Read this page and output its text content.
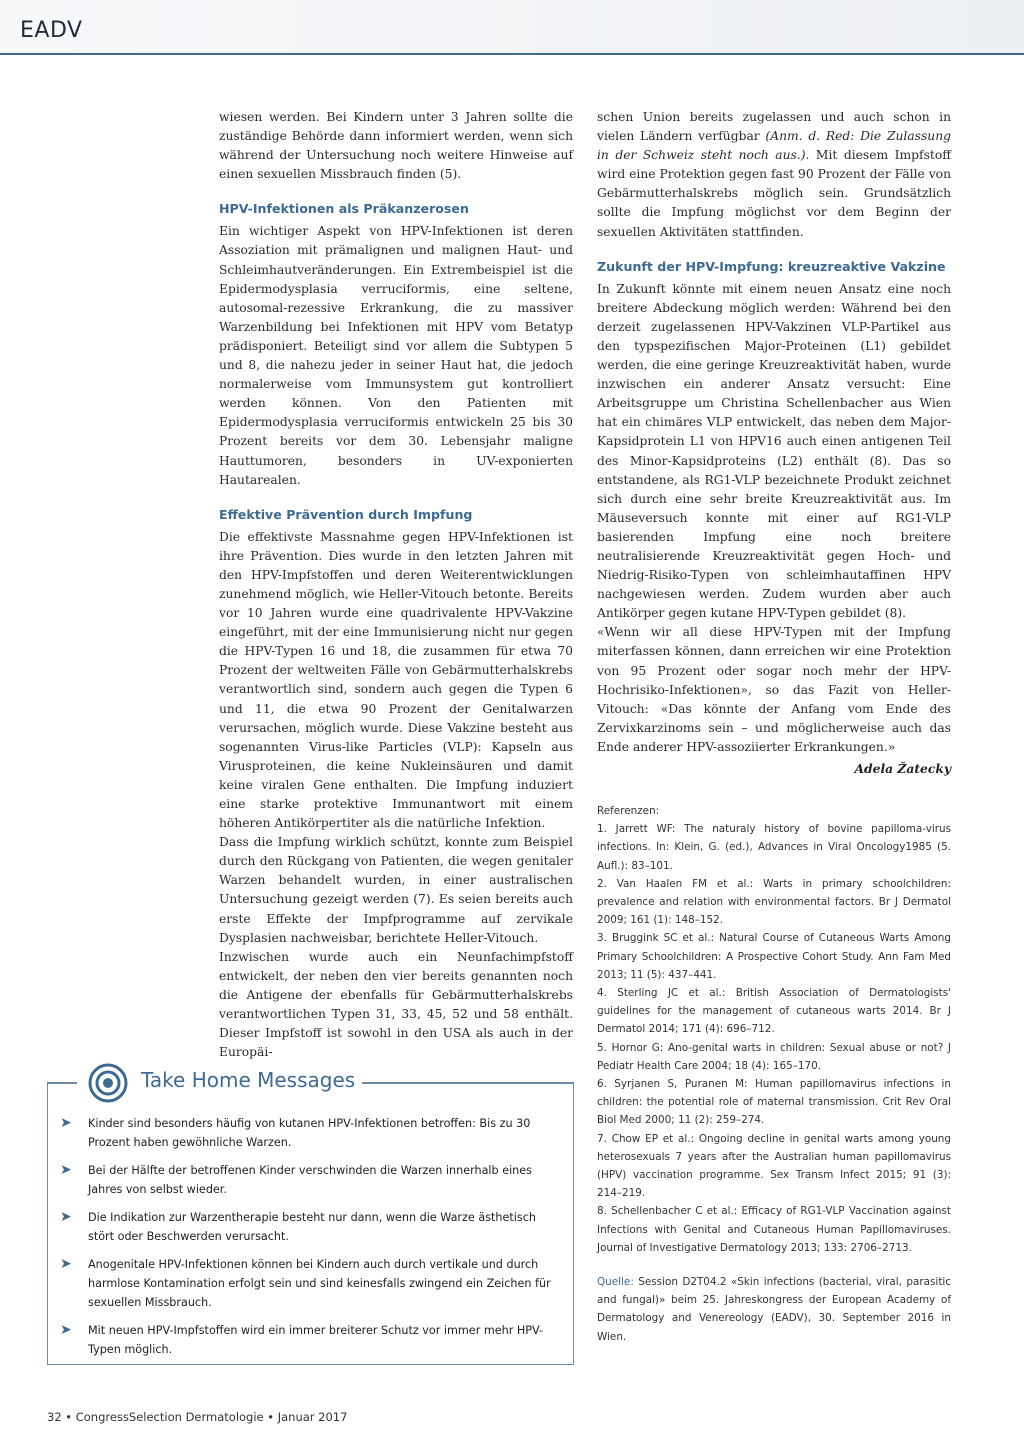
EADV

wiesen werden. Bei Kindern unter 3 Jahren sollte die zuständige Behörde dann informiert werden, wenn sich während der Untersuchung noch weitere Hinweise auf einen sexuellen Missbrauch finden (5).

HPV-Infektionen als Präkanzerosen

Ein wichtiger Aspekt von HPV-Infektionen ist deren Assoziation mit prämalignen und malignen Haut- und Schleimhautveränderungen. Ein Extrembeispiel ist die Epidermodysplasia verruciformis, eine seltene, autosomal-rezessive Erkrankung, die zu massiver Warzenbildung bei Infektionen mit HPV vom Betatyp prädisponiert. Beteiligt sind vor allem die Subtypen 5 und 8, die nahezu jeder in seiner Haut hat, die jedoch normalerweise vom Immunsystem gut kontrolliert werden können. Von den Patienten mit Epidermodysplasia verruciformis entwickeln 25 bis 30 Prozent bereits vor dem 30. Lebensjahr maligne Hauttumoren, besonders in UV-exponierten Hautarealen.

Effektive Prävention durch Impfung

Die effektivste Massnahme gegen HPV-Infektionen ist ihre Prävention. Dies wurde in den letzten Jahren mit den HPV-Impfstoffen und deren Weiterentwicklungen zunehmend möglich, wie Heller-Vitouch betonte. Bereits vor 10 Jahren wurde eine quadrivalente HPV-Vakzine eingeführt, mit der eine Immunisierung nicht nur gegen die HPV-Typen 16 und 18, die zusammen für etwa 70 Prozent der weltweiten Fälle von Gebärmutterhalskrebs verantwortlich sind, sondern auch gegen die Typen 6 und 11, die etwa 90 Prozent der Genitalwarzen verursachen, möglich wurde. Diese Vakzine besteht aus sogenannten Virus-like Particles (VLP): Kapseln aus Virusproteinen, die keine Nukleinsäuren und damit keine viralen Gene enthalten. Die Impfung induziert eine starke protektive Immunantwort mit einem höheren Antikörpertiter als die natürliche Infektion.

Dass die Impfung wirklich schützt, konnte zum Beispiel durch den Rückgang von Patienten, die wegen genitaler Warzen behandelt wurden, in einer australischen Untersuchung gezeigt werden (7). Es seien bereits auch erste Effekte der Impfprogramme auf zervikale Dysplasien nachweisbar, berichtete Heller-Vitouch.

Inzwischen wurde auch ein Neunfachimpfstoff entwickelt, der neben den vier bereits genannten noch die Antigene der ebenfalls für Gebärmutterhalskrebs verantwortlichen Typen 31, 33, 45, 52 und 58 enthält. Dieser Impfstoff ist sowohl in den USA als auch in der Europäi-

schen Union bereits zugelassen und auch schon in vielen Ländern verfügbar (Anm. d. Red: Die Zulassung in der Schweiz steht noch aus.). Mit diesem Impfstoff wird eine Protektion gegen fast 90 Prozent der Fälle von Gebärmutterhalskrebs möglich sein. Grundsätzlich sollte die Impfung möglichst vor dem Beginn der sexuellen Aktivitäten stattfinden.

Zukunft der HPV-Impfung: kreuzreaktive Vakzine

In Zukunft könnte mit einem neuen Ansatz eine noch breitere Abdeckung möglich werden: Während bei den derzeit zugelassenen HPV-Vakzinen VLP-Partikel aus den typspezifischen Major-Proteinen (L1) gebildet werden, die eine geringe Kreuzreaktivität haben, wurde inzwischen ein anderer Ansatz versucht: Eine Arbeitsgruppe um Christina Schellenbacher aus Wien hat ein chimäres VLP entwickelt, das neben dem Major-Kapsidprotein L1 von HPV16 auch einen antigenen Teil des Minor-Kapsidproteins (L2) enthält (8). Das so entstandene, als RG1-VLP bezeichnete Produkt zeichnet sich durch eine sehr breite Kreuzreaktivität aus. Im Mäuseversuch konnte mit einer auf RG1-VLP basierenden Impfung eine noch breitere neutralisierende Kreuzreaktivität gegen Hoch- und Niedrig-Risiko-Typen von schleimhautaffinen HPV nachgewiesen werden. Zudem wurden aber auch Antikörper gegen kutane HPV-Typen gebildet (8).

«Wenn wir all diese HPV-Typen mit der Impfung miterfassen können, dann erreichen wir eine Protektion von 95 Prozent oder sogar noch mehr der HPV-Hochrisiko-Infektionen», so das Fazit von Heller-Vitouch: «Das könnte der Anfang vom Ende des Zervixkarzinoms sein – und möglicherweise auch das Ende anderer HPV-assoziierter Erkrankungen.»

Adela Žatecky

Referenzen:

1. Jarrett WF: The naturaly history of bovine papilloma-virus infections. In: Klein, G. (ed.), Advances in Viral Oncology1985 (5. Aufl.): 83–101.

2. Van Haalen FM et al.: Warts in primary schoolchildren: prevalence and relation with environmental factors. Br J Dermatol 2009; 161 (1): 148–152.

3. Bruggink SC et al.: Natural Course of Cutaneous Warts Among Primary Schoolchildren: A Prospective Cohort Study. Ann Fam Med 2013; 11 (5): 437–441.

4. Sterling JC et al.: British Association of Dermatologists' guidelines for the management of cutaneous warts 2014. Br J Dermatol 2014; 171 (4): 696–712.

5. Hornor G: Ano-genital warts in children: Sexual abuse or not? J Pediatr Health Care 2004; 18 (4): 165–170.

6. Syrjanen S, Puranen M: Human papillomavirus infections in children: the potential role of maternal transmission. Crit Rev Oral Biol Med 2000; 11 (2): 259–274.

7. Chow EP et al.: Ongoing decline in genital warts among young heterosexuals 7 years after the Australian human papillomavirus (HPV) vaccination programme. Sex Transm Infect 2015; 91 (3): 214–219.

8. Schellenbacher C et al.: Efficacy of RG1-VLP Vaccination against Infections with Genital and Cutaneous Human Papillomaviruses. Journal of Investigative Dermatology 2013; 133: 2706–2713.

Quelle: Session D2T04.2 «Skin infections (bacterial, viral, parasitic and fungal)» beim 25. Jahreskongress der European Academy of Dermatology and Venereology (EADV), 30. September 2016 in Wien.

Take Home Messages
➤ Kinder sind besonders häufig von kutanen HPV-Infektionen betroffen: Bis zu 30 Prozent haben gewöhnliche Warzen.
➤ Bei der Hälfte der betroffenen Kinder verschwinden die Warzen innerhalb eines Jahres von selbst wieder.
➤ Die Indikation zur Warzentherapie besteht nur dann, wenn die Warze ästhetisch stört oder Beschwerden verursacht.
➤ Anogenitale HPV-Infektionen können bei Kindern auch durch vertikale und durch harmlose Kontamination erfolgt sein und sind keinesfalls zwingend ein Zeichen für sexuellen Missbrauch.
➤ Mit neuen HPV-Impfstoffen wird ein immer breiterer Schutz vor immer mehr HPV-Typen möglich.
32 • CongressSelection Dermatologie • Januar 2017
